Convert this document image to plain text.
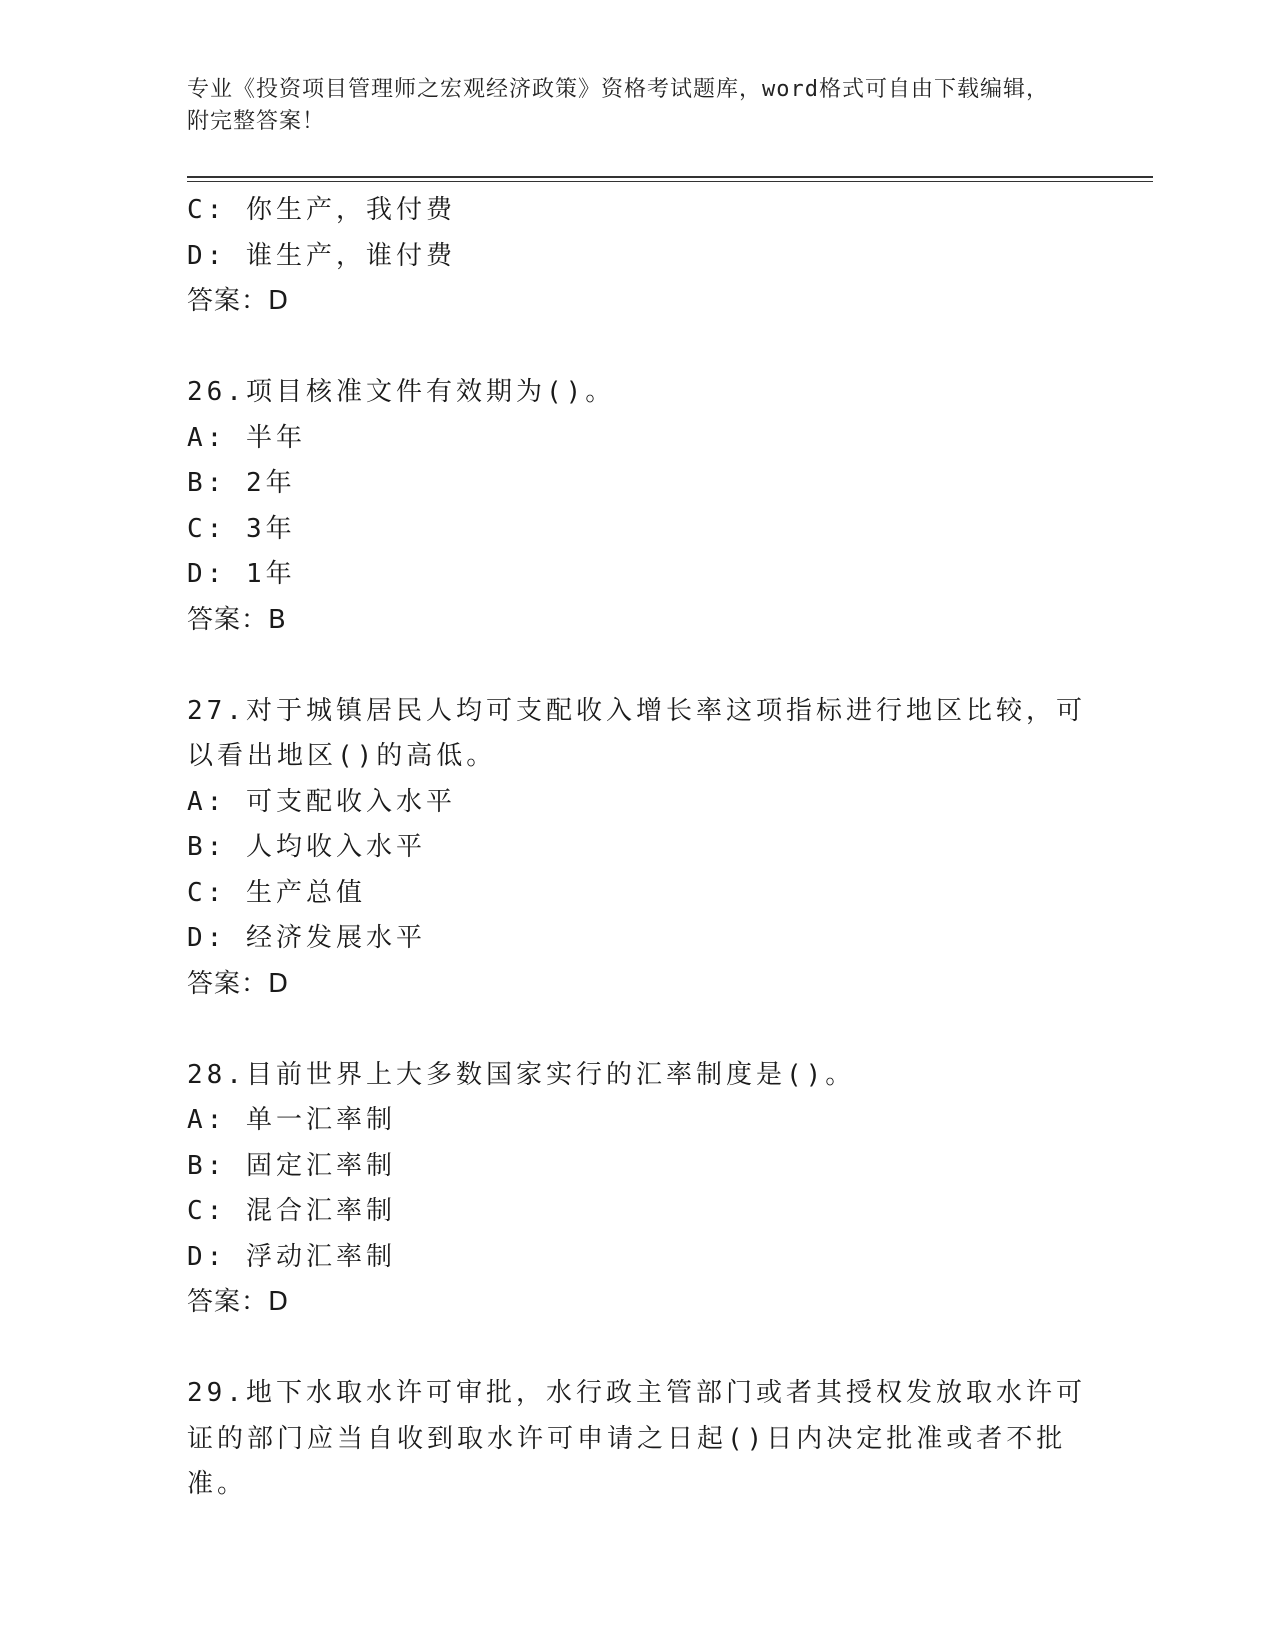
专业《投资项目管理师之宏观经济政策》资格考试题库，word格式可自由下载编辑，附完整答案！
C: 你生产，我付费
D: 谁生产，谁付费
答案：D
26.项目核准文件有效期为()。
A: 半年
B: 2年
C: 3年
D: 1年
答案：B
27.对于城镇居民人均可支配收入增长率这项指标进行地区比较，可以看出地区()的高低。
A: 可支配收入水平
B: 人均收入水平
C: 生产总值
D: 经济发展水平
答案：D
28.目前世界上大多数国家实行的汇率制度是()。
A: 单一汇率制
B: 固定汇率制
C: 混合汇率制
D: 浮动汇率制
答案：D
29.地下水取水许可审批，水行政主管部门或者其授权发放取水许可证的部门应当自收到取水许可申请之日起()日内决定批准或者不批准。
